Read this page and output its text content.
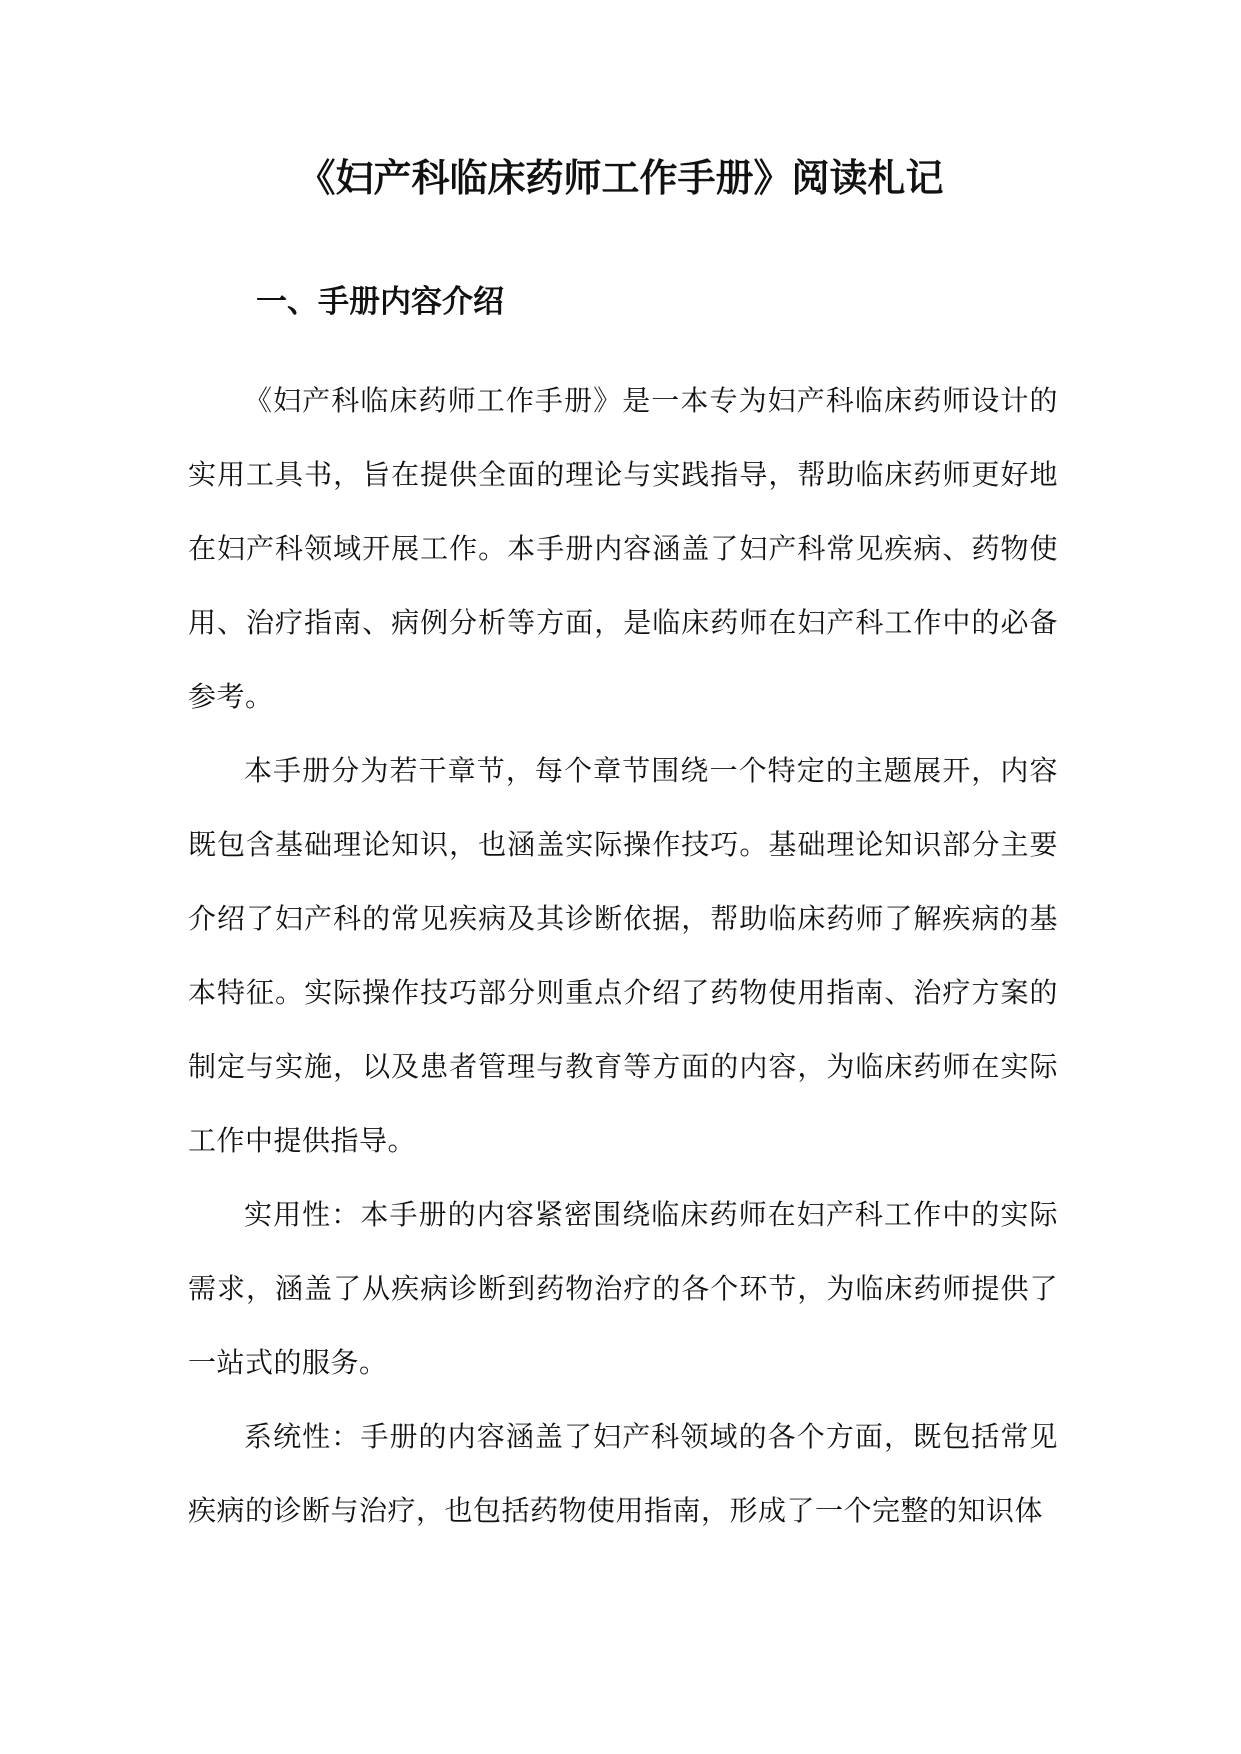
《妇产科临床药师工作手册》阅读札记
一、手册内容介绍

《妇产科临床药师工作手册》是一本专为妇产科临床药师设计的实用工具书，旨在提供全面的理论与实践指导，帮助临床药师更好地在妇产科领域开展工作。本手册内容涵盖了妇产科常见疾病、药物使用、治疗指南、病例分析等方面，是临床药师在妇产科工作中的必备参考。

本手册分为若干章节，每个章节围绕一个特定的主题展开，内容既包含基础理论知识，也涵盖实际操作技巧。基础理论知识部分主要介绍了妇产科的常见疾病及其诊断依据，帮助临床药师了解疾病的基本特征。实际操作技巧部分则重点介绍了药物使用指南、治疗方案的制定与实施，以及患者管理与教育等方面的内容，为临床药师在实际工作中提供指导。

实用性：本手册的内容紧密围绕临床药师在妇产科工作中的实际需求，涵盖了从疾病诊断到药物治疗的各个环节，为临床药师提供了一站式的服务。

系统性：手册的内容涵盖了妇产科领域的各个方面，既包括常见疾病的诊断与治疗，也包括药物使用指南，形成了一个完整的知识体
